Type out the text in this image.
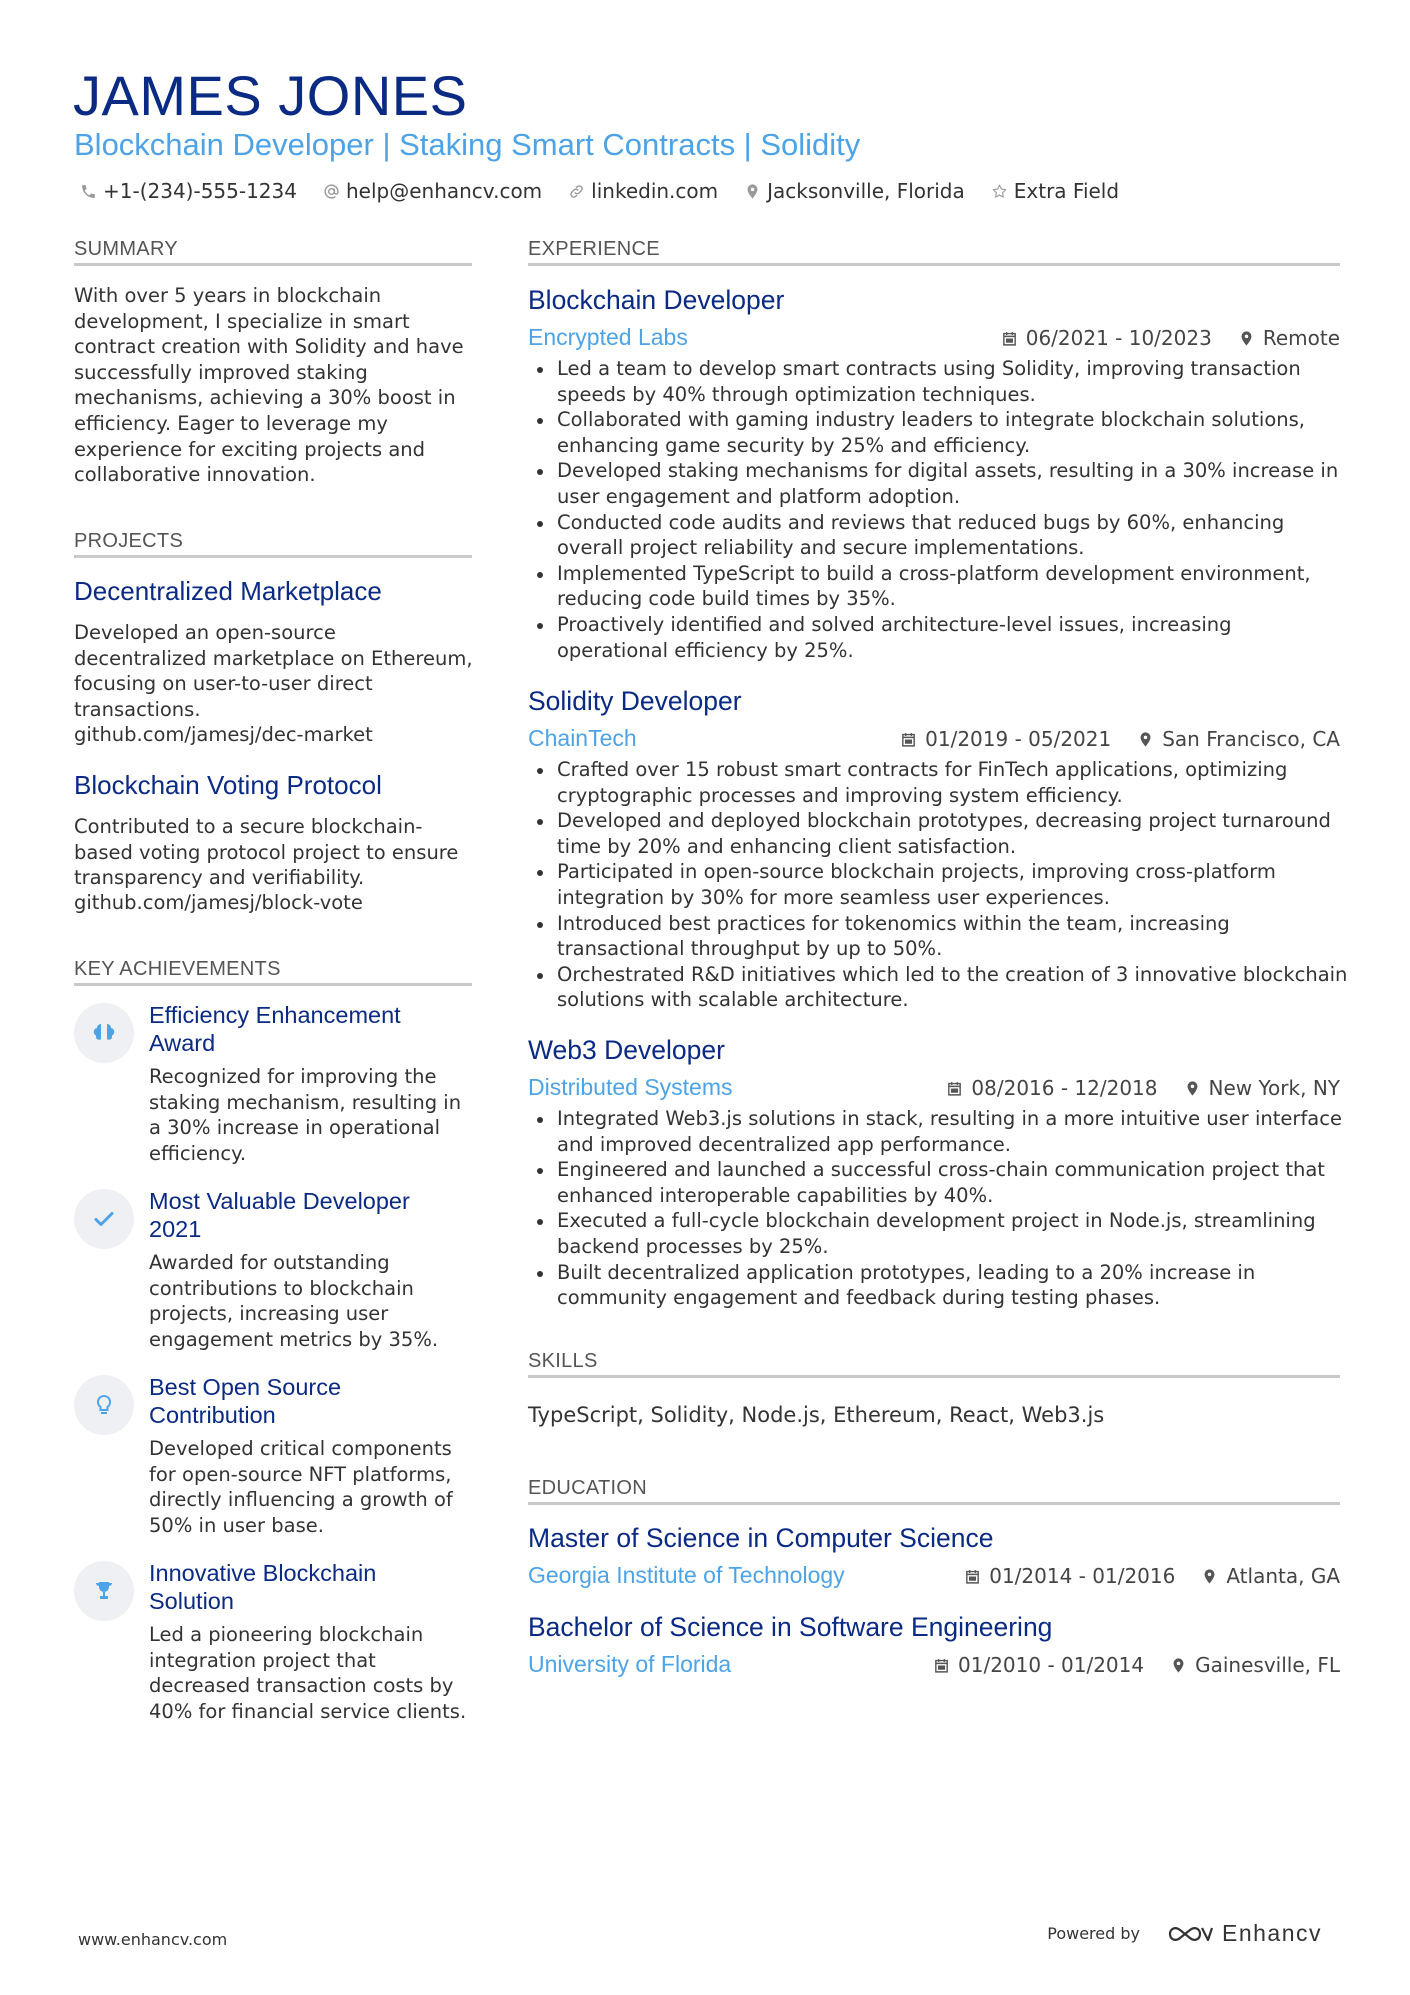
JAMES JONES
Blockchain Developer | Staking Smart Contracts | Solidity
+1-(234)-555-1234 help@enhancv.com linkedin.com Jacksonville, Florida Extra Field
SUMMARY
With over 5 years in blockchain development, I specialize in smart contract creation with Solidity and have successfully improved staking mechanisms, achieving a 30% boost in efficiency. Eager to leverage my experience for exciting projects and collaborative innovation.
PROJECTS
Decentralized Marketplace
Developed an open-source decentralized marketplace on Ethereum, focusing on user-to-user direct transactions.
github.com/jamesj/dec-market
Blockchain Voting Protocol
Contributed to a secure blockchain-based voting protocol project to ensure transparency and verifiability.
github.com/jamesj/block-vote
KEY ACHIEVEMENTS
Efficiency Enhancement Award
Recognized for improving the staking mechanism, resulting in a 30% increase in operational efficiency.
Most Valuable Developer 2021
Awarded for outstanding contributions to blockchain projects, increasing user engagement metrics by 35%.
Best Open Source Contribution
Developed critical components for open-source NFT platforms, directly influencing a growth of 50% in user base.
Innovative Blockchain Solution
Led a pioneering blockchain integration project that decreased transaction costs by 40% for financial service clients.
EXPERIENCE
Blockchain Developer
Encrypted Labs	06/2021 - 10/2023	Remote
Led a team to develop smart contracts using Solidity, improving transaction speeds by 40% through optimization techniques.
Collaborated with gaming industry leaders to integrate blockchain solutions, enhancing game security by 25% and efficiency.
Developed staking mechanisms for digital assets, resulting in a 30% increase in user engagement and platform adoption.
Conducted code audits and reviews that reduced bugs by 60%, enhancing overall project reliability and secure implementations.
Implemented TypeScript to build a cross-platform development environment, reducing code build times by 35%.
Proactively identified and solved architecture-level issues, increasing operational efficiency by 25%.
Solidity Developer
ChainTech	01/2019 - 05/2021	San Francisco, CA
Crafted over 15 robust smart contracts for FinTech applications, optimizing cryptographic processes and improving system efficiency.
Developed and deployed blockchain prototypes, decreasing project turnaround time by 20% and enhancing client satisfaction.
Participated in open-source blockchain projects, improving cross-platform integration by 30% for more seamless user experiences.
Introduced best practices for tokenomics within the team, increasing transactional throughput by up to 50%.
Orchestrated R&D initiatives which led to the creation of 3 innovative blockchain solutions with scalable architecture.
Web3 Developer
Distributed Systems	08/2016 - 12/2018	New York, NY
Integrated Web3.js solutions in stack, resulting in a more intuitive user interface and improved decentralized app performance.
Engineered and launched a successful cross-chain communication project that enhanced interoperable capabilities by 40%.
Executed a full-cycle blockchain development project in Node.js, streamlining backend processes by 25%.
Built decentralized application prototypes, leading to a 20% increase in community engagement and feedback during testing phases.
SKILLS
TypeScript, Solidity, Node.js, Ethereum, React, Web3.js
EDUCATION
Master of Science in Computer Science
Georgia Institute of Technology	01/2014 - 01/2016	Atlanta, GA
Bachelor of Science in Software Engineering
University of Florida	01/2010 - 01/2014	Gainesville, FL
www.enhancv.com	Powered by	Enhancv
